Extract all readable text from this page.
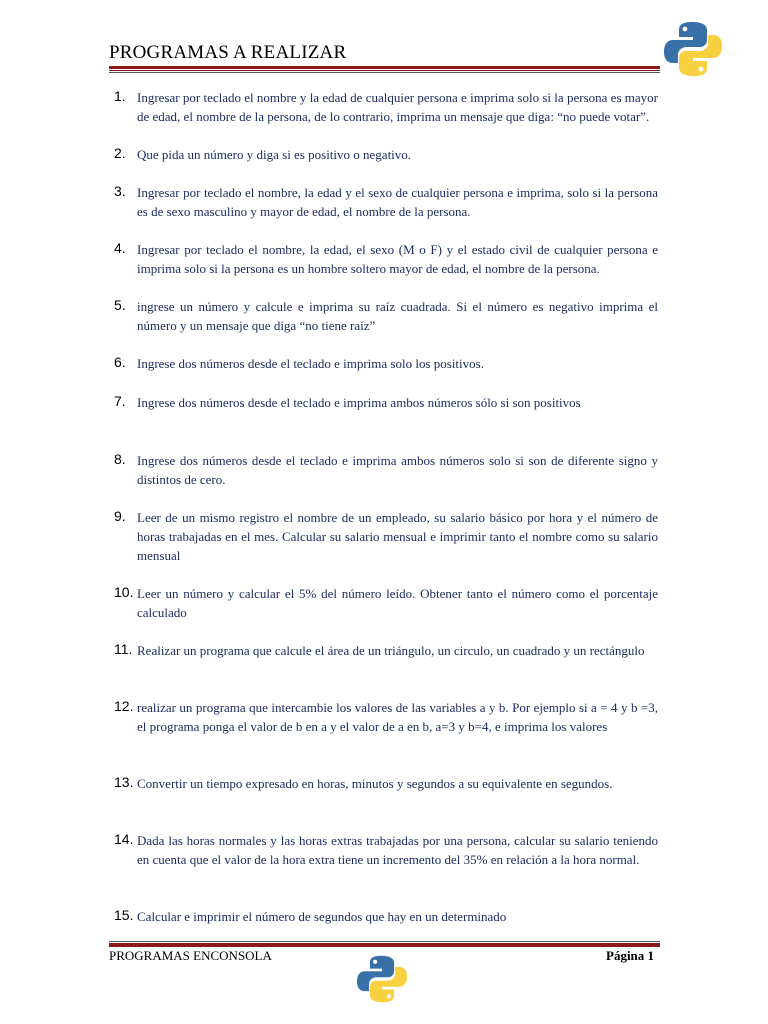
PROGRAMAS A REALIZAR
1. Ingresar por teclado el nombre y la edad de cualquier persona e imprima solo si la persona es mayor de edad, el nombre de la persona, de lo contrario, imprima un mensaje que diga: “no puede votar”.
2. Que pida un número y diga si es positivo o negativo.
3. Ingresar por teclado el nombre, la edad y el sexo de cualquier persona e imprima, solo si la persona es de sexo masculino y mayor de edad, el nombre de la persona.
4. Ingresar por teclado el nombre, la edad, el sexo (M o F) y el estado civil de cualquier persona e imprima solo si la persona es un hombre soltero mayor de edad, el nombre de la persona.
5. ingrese un número y calcule e imprima su raíz cuadrada. Si el número es negativo imprima el número y un mensaje que diga “no tiene raíz”
6. Ingrese dos números desde el teclado e imprima solo los positivos.
7. Ingrese dos números desde el teclado e imprima ambos números sólo si son positivos
8. Ingrese dos números desde el teclado e imprima ambos números solo si son de diferente signo y distintos de cero.
9. Leer de un mismo registro el nombre de un empleado, su salario básico por hora y el número de horas trabajadas en el mes. Calcular su salario mensual e imprimir tanto el nombre como su salario mensual
10. Leer un número y calcular el 5% del número leído. Obtener tanto el número como el porcentaje calculado
11. Realizar un programa que calcule el área de un triángulo, un circulo, un cuadrado y un rectángulo
12. realizar un programa que intercambie los valores de las variables a y b. Por ejemplo si a = 4 y b =3, el programa ponga el valor de b en a y el valor de a en b, a=3 y b=4, e imprima los valores
13. Convertir un tiempo expresado en horas, minutos y segundos a su equivalente en segundos.
14. Dada las horas normales y las horas extras trabajadas por una persona, calcular su salario teniendo en cuenta que el valor de la hora extra tiene un incremento del 35% en relación a la hora normal.
15. Calcular e imprimir el número de segundos que hay en un determinado
PROGRAMAS ENCONSOLA	Página 1
